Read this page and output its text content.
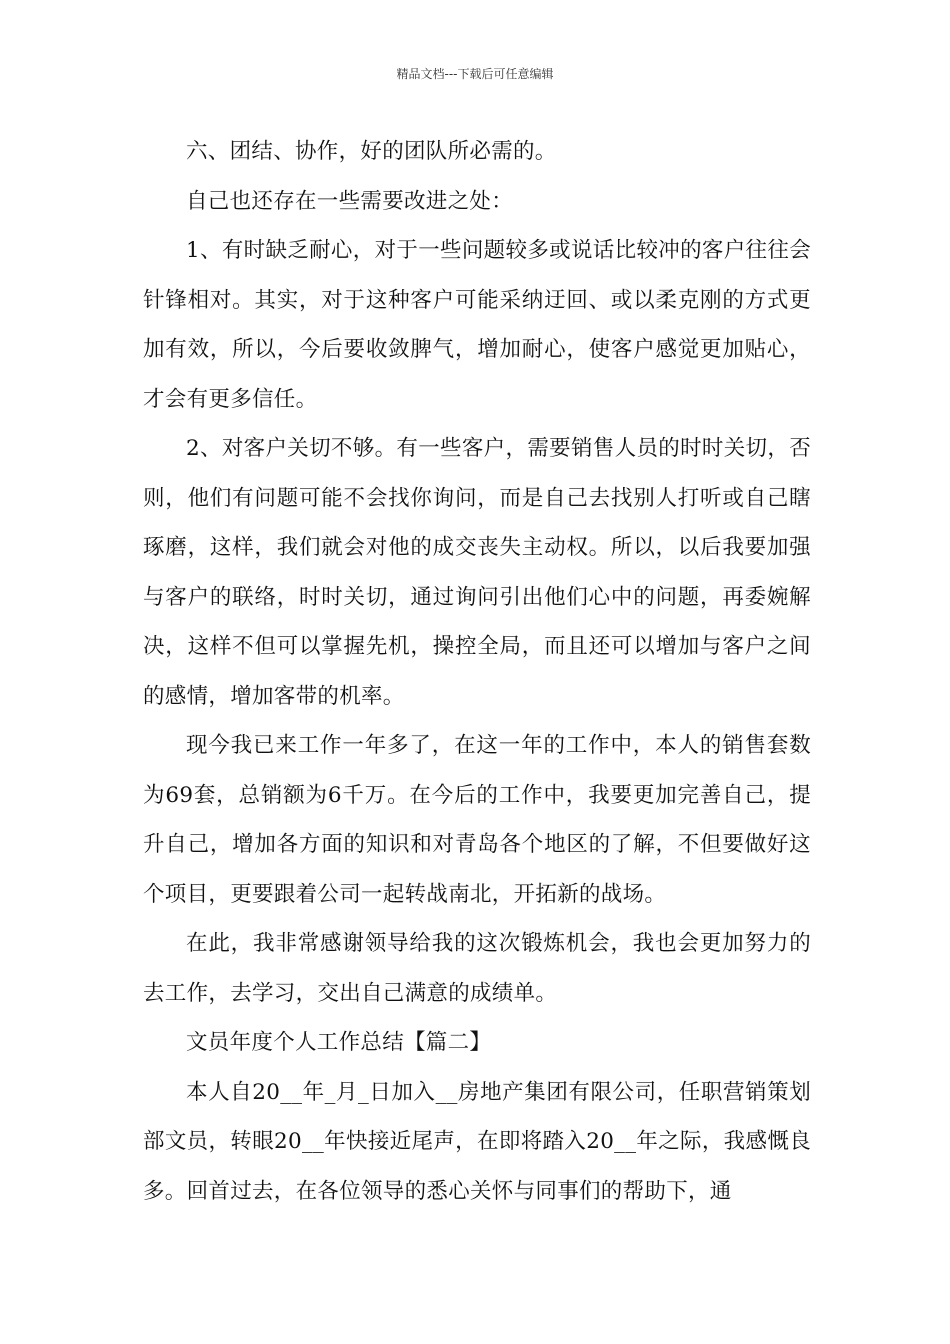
精品文档---下载后可任意编辑

六、团结、协作，好的团队所必需的。

自己也还存在一些需要改进之处：

1、有时缺乏耐心，对于一些问题较多或说话比较冲的客户往往会针锋相对。其实，对于这种客户可能采纳迂回、或以柔克刚的方式更加有效，所以，今后要收敛脾气，增加耐心，使客户感觉更加贴心，才会有更多信任。

2、对客户关切不够。有一些客户，需要销售人员的时时关切，否则，他们有问题可能不会找你询问，而是自己去找别人打听或自己瞎琢磨，这样，我们就会对他的成交丧失主动权。所以，以后我要加强与客户的联络，时时关切，通过询问引出他们心中的问题，再委婉解决，这样不但可以掌握先机，操控全局，而且还可以增加与客户之间的感情，增加客带的机率。

现今我已来工作一年多了，在这一年的工作中，本人的销售套数为69套，总销额为6千万。在今后的工作中，我要更加完善自己，提升自己，增加各方面的知识和对青岛各个地区的了解，不但要做好这个项目，更要跟着公司一起转战南北，开拓新的战场。

在此，我非常感谢领导给我的这次锻炼机会，我也会更加努力的去工作，去学习，交出自己满意的成绩单。

文员年度个人工作总结【篇二】

本人自20__年_月_日加入__房地产集团有限公司，任职营销策划部文员，转眼20__年快接近尾声，在即将踏入20__年之际，我感慨良多。回首过去，在各位领导的悉心关怀与同事们的帮助下，通
